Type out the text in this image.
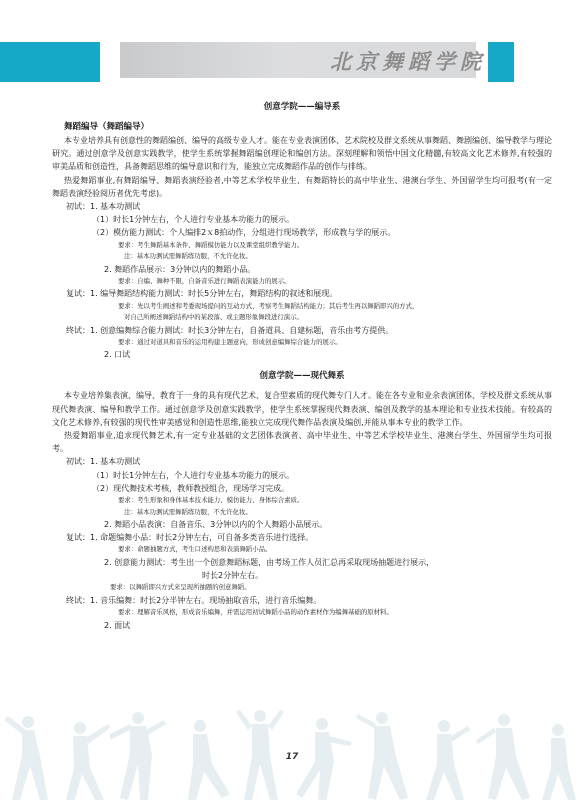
北京舞蹈学院
创意学院——编导系
舞蹈编导（舞蹈编导）

本专业培养具有创意性的舞蹈编创、编导的高级专业人才。能在专业表演团体、艺术院校及群文系统从事舞蹈、舞剧编创、编导教学与理论研究。通过创意学及创意实践教学，使学生系统掌握舞蹈编创理论和编创方法。深刻理解和领悟中国文化精髓,有较高文化艺术修养,有较强的审美品质和创造性，具备舞蹈思维的编导意识和行为，能独立完成舞蹈作品的创作与排练。

热爱舞蹈事业,有舞蹈编导、舞蹈表演经验者,中等艺术学校毕业生、有舞蹈特长的高中毕业生、港澳台学生、外国留学生均可报考(有一定舞蹈表演经验阅历者优先考虑)。

初试：1. 基本功测试

（1）时长1分钟左右，个人进行专业基本功能力的展示。

（2）模仿能力测试：个人编排2ｘ8拍动作，分组进行现场教学，形成教与学的展示。

要求：考生舞蹈基本条件、舞蹈模仿能力以及课堂组织教学能力。

注：基本功测试需舞蹈练功服，不允许化妆。

2. 舞蹈作品展示：3分钟以内的舞蹈小品。

要求：自编、舞种不限，自备音乐进行舞蹈表演能力的展示。

复试：1. 编导舞蹈结构能力测试：时长5分钟左右，舞蹈结构的叙述和展现。

要求：先以考生阐述和考委现场提问的互动方式，考察考生舞蹈结构能力；其后考生再以舞蹈即兴的方式，

对自己所阐述舞蹈结构中的某段落、或主题形象舞段进行演示。

终试：1. 创意编舞综合能力测试：时长3分钟左右，自备道具、自建标题，音乐由考方提供。

要求：通过对道具和音乐的运用构建主题意向，形成创意编舞综合能力的展示。

2. 口试

创意学院——现代舞系

本专业培养集表演、编导、教育于一身的具有现代艺术、复合型素质的现代舞专门人才。能在各专业和业余表演团体、学校及群文系统从事现代舞表演、编导和教学工作。通过创意学及创意实践教学，使学生系统掌握现代舞表演、编创及教学的基本理论和专业技术技能。有较高的文化艺术修养,有较强的现代性审美感觉和创造性思维,能独立完成现代舞作品表演及编创,并能从事本专业的教学工作。

热爱舞蹈事业,追求现代舞艺术,有一定专业基础的文艺团体表演者、高中毕业生、中等艺术学校毕业生、港澳台学生、外国留学生均可报考。

初试：1. 基本功测试

（1）时长1分钟左右，个人进行专业基本功能力的展示。

（2）现代舞技术考核，教师教授组合，现场学习完成。

要求：考生形象和身体基本技术能力、模仿能力、身体综合素质。

注：基本功测试需舞蹈练功服，不允许化妆。

2. 舞蹈小品表演：自备音乐、3分钟以内的个人舞蹈小品展示。

复试：1. 命题编舞小品：时长2分钟左右，可自备多类音乐进行选择。

要求：命题抽题方式，考生口述构思和表演舞蹈小品。

2. 创意能力测试：考生出一个创意舞蹈标题，由考场工作人员汇总再采取现场抽题进行展示，

时长2分钟左右。

要求：以舞蹈即兴方式来呈现所抽题的创意舞蹈。

终试：1. 音乐编舞：时长2分半钟左右。现场抽取音乐，进行音乐编舞。

要求：理解音乐风格，形成音乐编舞，并需运用初试舞蹈小品的动作素材作为编舞基础的原材料。

2. 面试

17
